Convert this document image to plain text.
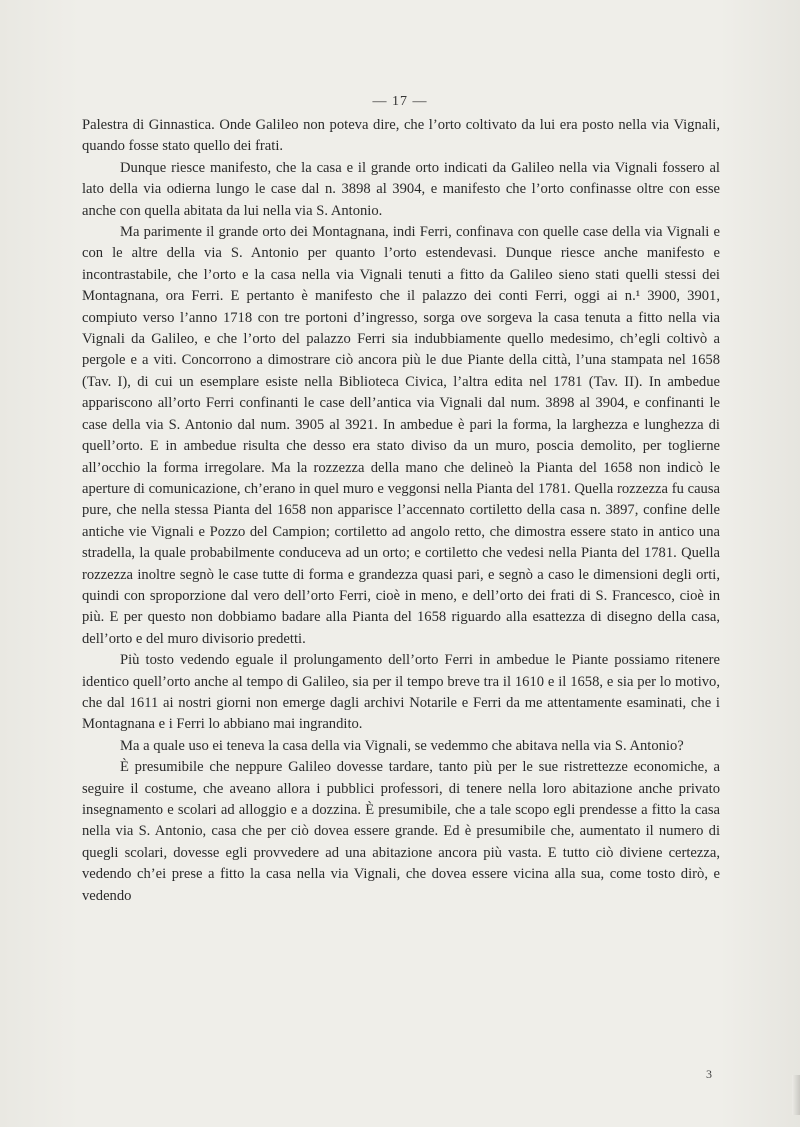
— 17 —

Palestra di Ginnastica. Onde Galileo non poteva dire, che l’orto coltivato da lui era posto nella via Vignali, quando fosse stato quello dei frati.

Dunque riesce manifesto, che la casa e il grande orto indicati da Galileo nella via Vignali fossero al lato della via odierna lungo le case dal n. 3898 al 3904, e manifesto che l’orto confinasse oltre con esse anche con quella abitata da lui nella via S. Antonio.

Ma parimente il grande orto dei Montagnana, indi Ferri, confinava con quelle case della via Vignali e con le altre della via S. Antonio per quanto l’orto estendevasi. Dunque riesce anche manifesto e incontrastabile, che l’orto e la casa nella via Vignali tenuti a fitto da Galileo sieno stati quelli stessi dei Montagnana, ora Ferri. E pertanto è manifesto che il palazzo dei conti Ferri, oggi ai n.¹ 3900, 3901, compiuto verso l’anno 1718 con tre portoni d’ingresso, sorga ove sorgeva la casa tenuta a fitto nella via Vignali da Galileo, e che l’orto del palazzo Ferri sia indubbiamente quello medesimo, ch’egli coltivò a pergole e a viti. Concorrono a dimostrare ciò ancora più le due Piante della città, l’una stampata nel 1658 (Tav. I), di cui un esemplare esiste nella Biblioteca Civica, l’altra edita nel 1781 (Tav. II). In ambedue appariscono all’orto Ferri confinanti le case dell’antica via Vignali dal num. 3898 al 3904, e confinanti le case della via S. Antonio dal num. 3905 al 3921. In ambedue è pari la forma, la larghezza e lunghezza di quell’orto. E in ambedue risulta che desso era stato diviso da un muro, poscia demolito, per toglierne all’occhio la forma irregolare. Ma la rozzezza della mano che delineò la Pianta del 1658 non indicò le aperture di comunicazione, ch’erano in quel muro e veggonsi nella Pianta del 1781. Quella rozzezza fu causa pure, che nella stessa Pianta del 1658 non apparisce l’accennato cortiletto della casa n. 3897, confine delle antiche vie Vignali e Pozzo del Campion; cortiletto ad angolo retto, che dimostra essere stato in antico una stradella, la quale probabilmente conduceva ad un orto; e cortiletto che vedesi nella Pianta del 1781. Quella rozzezza inoltre segnò le case tutte di forma e grandezza quasi pari, e segnò a caso le dimensioni degli orti, quindi con sproporzione dal vero dell’orto Ferri, cioè in meno, e dell’orto dei frati di S. Francesco, cioè in più. E per questo non dobbiamo badare alla Pianta del 1658 riguardo alla esattezza di disegno della casa, dell’orto e del muro divisorio predetti.

Più tosto vedendo eguale il prolungamento dell’orto Ferri in ambedue le Piante possiamo ritenere identico quell’orto anche al tempo di Galileo, sia per il tempo breve tra il 1610 e il 1658, e sia per lo motivo, che dal 1611 ai nostri giorni non emerge dagli archivi Notarile e Ferri da me attentamente esaminati, che i Montagnana e i Ferri lo abbiano mai ingrandito.

Ma a quale uso ei teneva la casa della via Vignali, se vedemmo che abitava nella via S. Antonio?

È presumibile che neppure Galileo dovesse tardare, tanto più per le sue ristrettezze economiche, a seguire il costume, che aveano allora i pubblici professori, di tenere nella loro abitazione anche privato insegnamento e scolari ad alloggio e a dozzina. È presumibile, che a tale scopo egli prendesse a fitto la casa nella via S. Antonio, casa che per ciò dovea essere grande. Ed è presumibile che, aumentato il numero di quegli scolari, dovesse egli provvedere ad una abitazione ancora più vasta. E tutto ciò diviene certezza, vedendo ch’ei prese a fitto la casa nella via Vignali, che dovea essere vicina alla sua, come tosto dirò, e vedendo

3
